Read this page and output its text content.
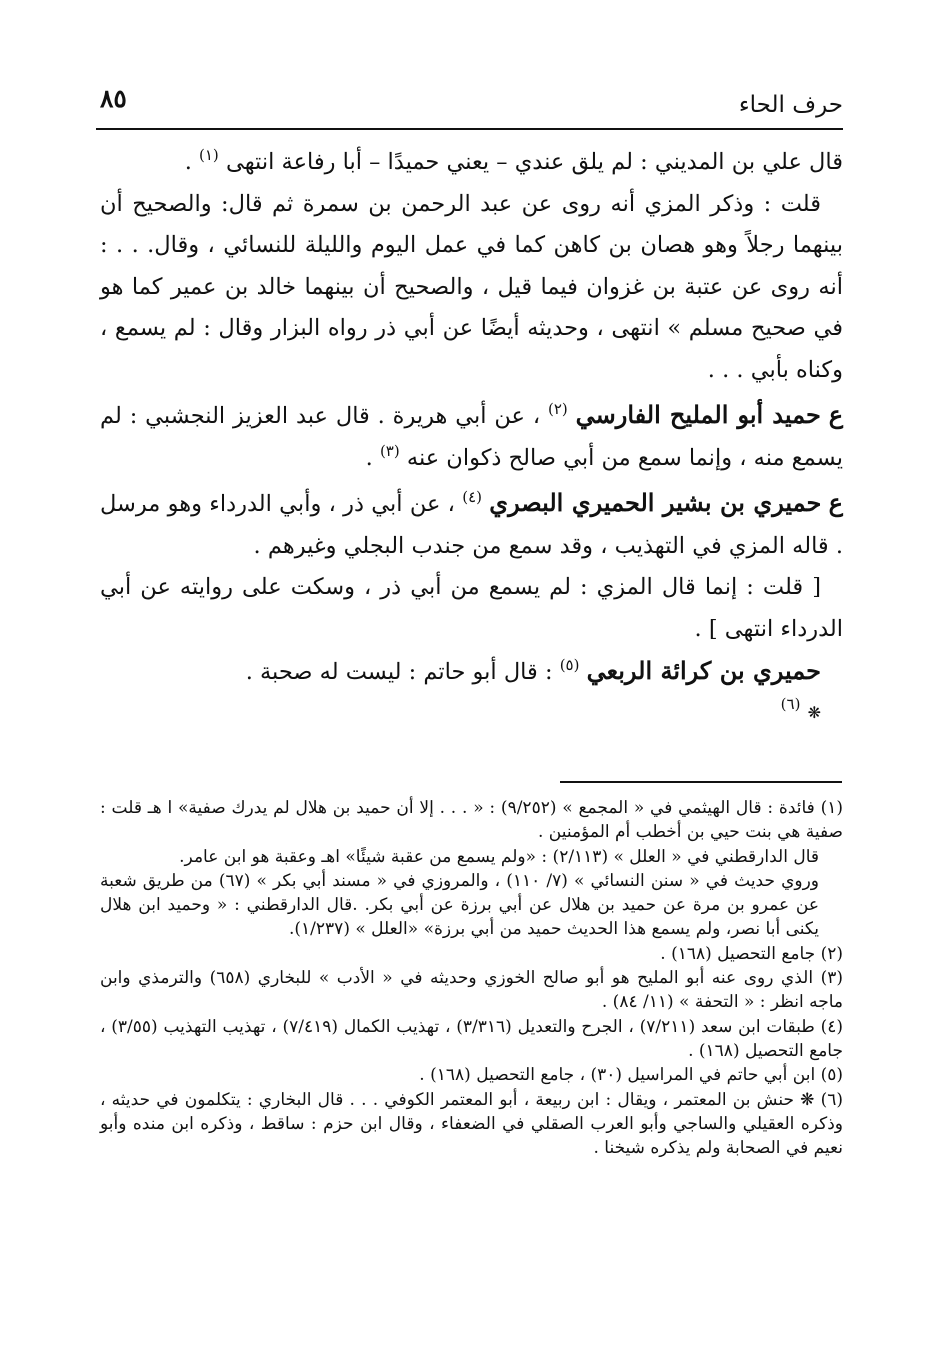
٨٥	حرف الحاء

قال علي بن المديني : لم يلق عندي – يعني حميدًا – أبا رفاعة انتهى $^{(١)}$ .

قلت : وذكر المزي أنه روى عن عبد الرحمن بن سمرة ثم قال: والصحيح أن بينهما رجلاً وهو هصان بن كاهن كما في عمل اليوم والليلة للنسائي ، وقال. . . : أنه روى عن عتبة بن غزوان فيما قيل ، والصحيح أن بينهما خالد بن عمير كما هو في صحيح مسلم » انتهى ، وحديثه أيضًا عن أبي ذر رواه البزار وقال : لم يسمع ، وكناه بأبي . . .

ع حميد أبو المليح الفارسي $^{(٢)}$ ، عن أبي هريرة . قال عبد العزيز النجشبي : لم يسمع منه ، وإنما سمع من أبي صالح ذكوان عنه $^{(٣)}$ .

ع حميري بن بشير الحميري البصري $^{(٤)}$ ، عن أبي ذر ، وأبي الدرداء وهو مرسل . قاله المزي في التهذيب ، وقد سمع من جندب البجلي وغيرهم .

[ قلت : إنما قال المزي : لم يسمع من أبي ذر ، وسكت على روايته عن أبي الدرداء انتهى ] .

حميري بن كرائة الربعي $^{(٥)}$ : قال أبو حاتم : ليست له صحبة .

❋ $^{(٦)}$

(١) فائدة : قال الهيثمي في « المجمع » (٩/٢٥٢) : « . . . إلا أن حميد بن هلال لم يدرك صفية» ا هـ قلت : صفية هي بنت حيي بن أخطب أم المؤمنين .

قال الدارقطني في « العلل » (٢/١١٣) : «ولم يسمع من عقبة شيئًا» اهـ وعقبة هو ابن عامر.

وروي حديث في « سنن النسائي » (٧/ ١١٠) ، والمروزي في « مسند أبي بكر » (٦٧) من طريق شعبة عن عمرو بن مرة عن حميد بن هلال عن أبي برزة عن أبي بكر. .قال الدارقطني : « وحميد ابن هلال يكنى أبا نصر، ولم يسمع هذا الحديث حميد من أبي برزة» «العلل » (١/٢٣٧).

(٢) جامع التحصيل (١٦٨) .

(٣) الذي روى عنه أبو المليح هو أبو صالح الخوزي وحديثه في « الأدب » للبخاري (٦٥٨) والترمذي وابن ماجه انظر : « التحفة » (١١/ ٨٤) .

(٤) طبقات ابن سعد (٧/٢١١) ، الجرح والتعديل (٣/٣١٦) ، تهذيب الكمال (٧/٤١٩) ، تهذيب التهذيب (٣/٥٥) ، جامع التحصيل (١٦٨) .

(٥) ابن أبي حاتم في المراسيل (٣٠) ، جامع التحصيل (١٦٨) .

(٦) ❋ حنش بن المعتمر ، ويقال : ابن ربيعة ، أبو المعتمر الكوفي . . . قال البخاري : يتكلمون في حديثه ، وذكره العقيلي والساجي وأبو العرب الصقلي في الضعفاء ، وقال ابن حزم : ساقط ، وذكره ابن منده وأبو نعيم في الصحابة ولم يذكره شيخنا .
